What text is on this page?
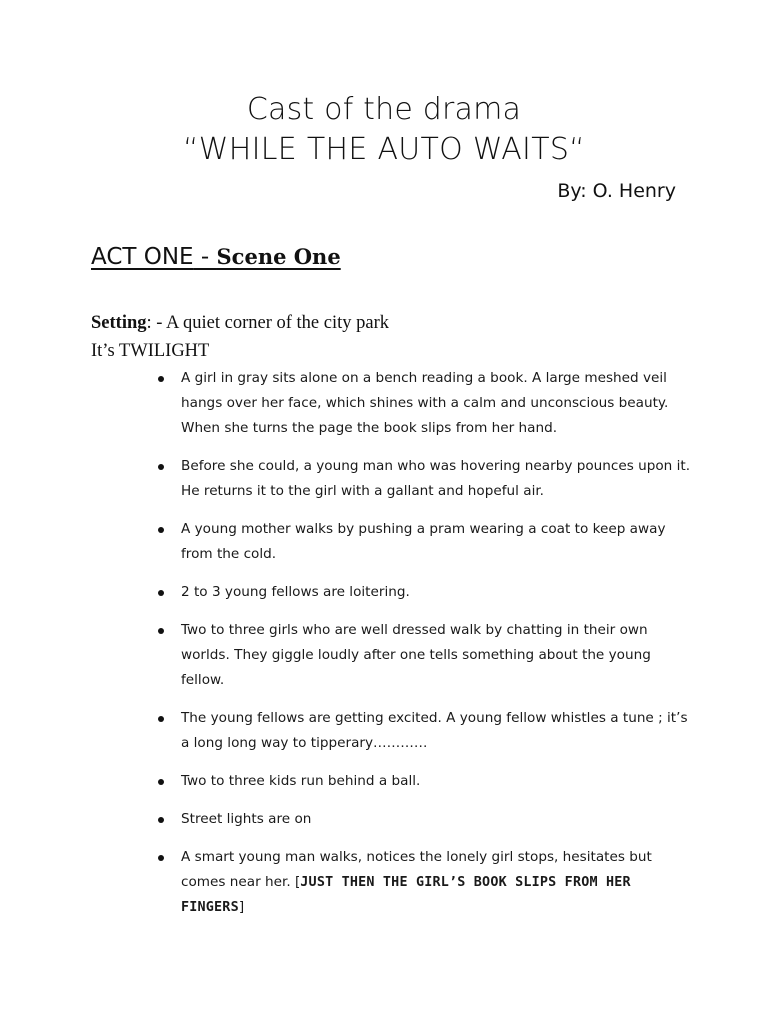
Cast of the drama
“WHILE THE AUTO WAITS“
By: O. Henry
ACT ONE - Scene One
Setting: - A quiet corner of the city park
It’s TWILIGHT
A girl in gray sits alone on a bench reading a book. A large meshed veil hangs over her face, which shines with a calm and unconscious beauty. When she turns the page the book slips from her hand.
Before she could, a young man who was hovering nearby pounces upon it. He returns it to the girl with a gallant and hopeful air.
A young mother walks by pushing a pram wearing a coat to keep away from the cold.
2 to 3 young fellows are loitering.
Two to three girls who are well dressed walk by chatting in their own worlds. They giggle loudly after one tells something about the young fellow.
The young fellows are getting excited. A young fellow whistles a tune ; it’s a long long way to tipperary…………
Two to three kids run behind a ball.
Street lights are on
A smart young man walks, notices the lonely girl stops, hesitates but comes near her. [JUST THEN THE GIRL’S BOOK SLIPS FROM HER FINGERS]
